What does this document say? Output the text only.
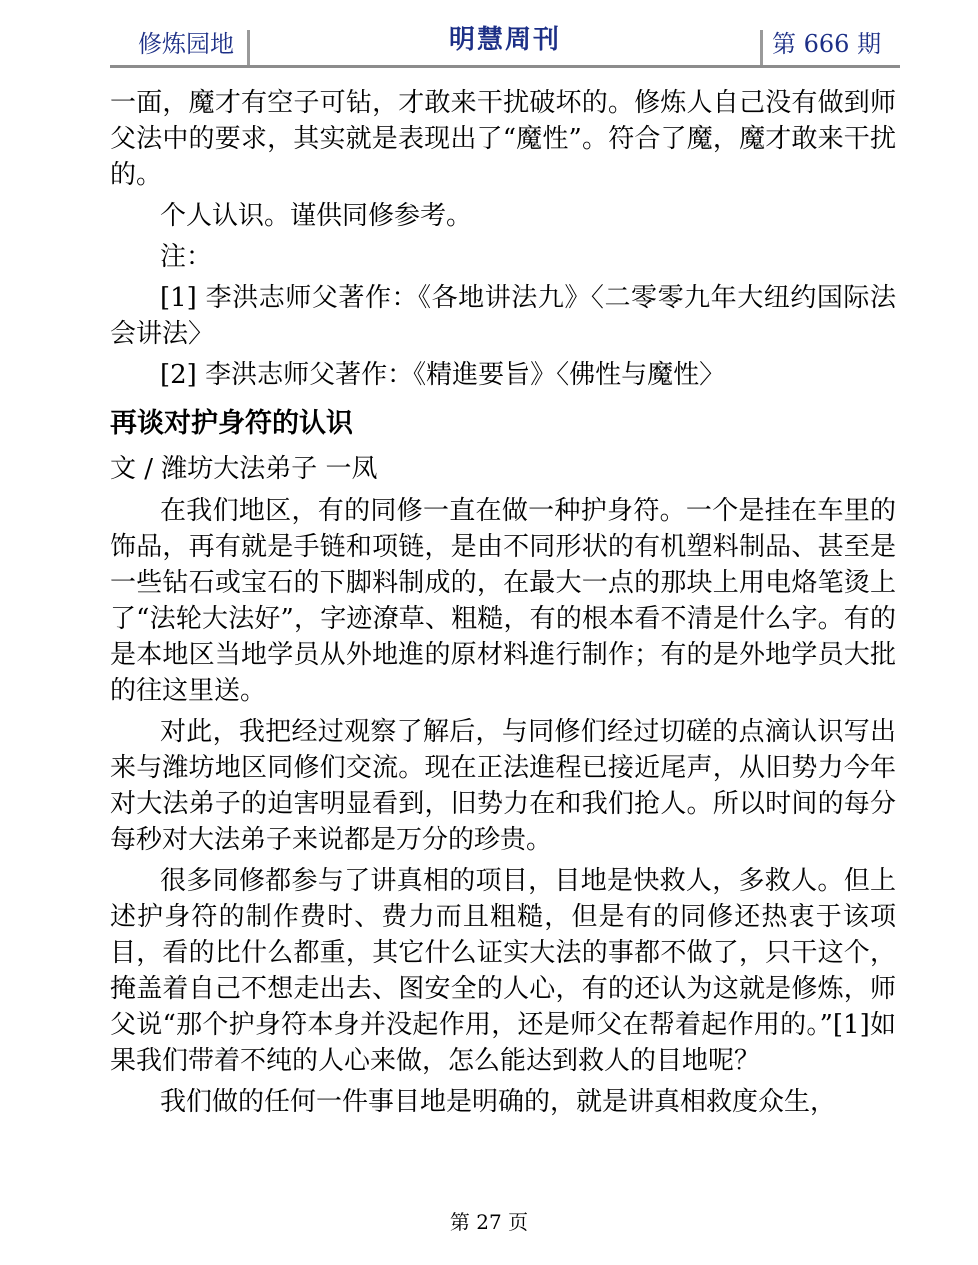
修炼园地	明慧周刊	第 666 期

一面，魔才有空子可钻，才敢来干扰破坏的。修炼人自己没有做到师父法中的要求，其实就是表现出了“魔性”。符合了魔，魔才敢来干扰的。

个人认识。谨供同修参考。

注：

[1] 李洪志师父著作：《各地讲法九》〈二零零九年大纽约国际法会讲法〉

[2] 李洪志师父著作：《精進要旨》〈佛性与魔性〉

再谈对护身符的认识

文 / 潍坊大法弟子 一凤

在我们地区，有的同修一直在做一种护身符。一个是挂在车里的饰品，再有就是手链和项链，是由不同形状的有机塑料制品、甚至是一些钻石或宝石的下脚料制成的，在最大一点的那块上用电烙笔烫上了“法轮大法好”，字迹潦草、粗糙，有的根本看不清是什么字。有的是本地区当地学员从外地進的原材料進行制作；有的是外地学员大批的往这里送。

对此，我把经过观察了解后，与同修们经过切磋的点滴认识写出来与潍坊地区同修们交流。现在正法進程已接近尾声，从旧势力今年对大法弟子的迫害明显看到，旧势力在和我们抢人。所以时间的每分每秒对大法弟子来说都是万分的珍贵。

很多同修都参与了讲真相的项目，目地是快救人，多救人。但上述护身符的制作费时、费力而且粗糙，但是有的同修还热衷于该项目，看的比什么都重，其它什么证实大法的事都不做了，只干这个，掩盖着自己不想走出去、图安全的人心，有的还认为这就是修炼，师父说“那个护身符本身并没起作用，还是师父在帮着起作用的。”[1]如果我们带着不纯的人心来做，怎么能达到救人的目地呢？

我们做的任何一件事目地是明确的，就是讲真相救度众生，

第 27 页
